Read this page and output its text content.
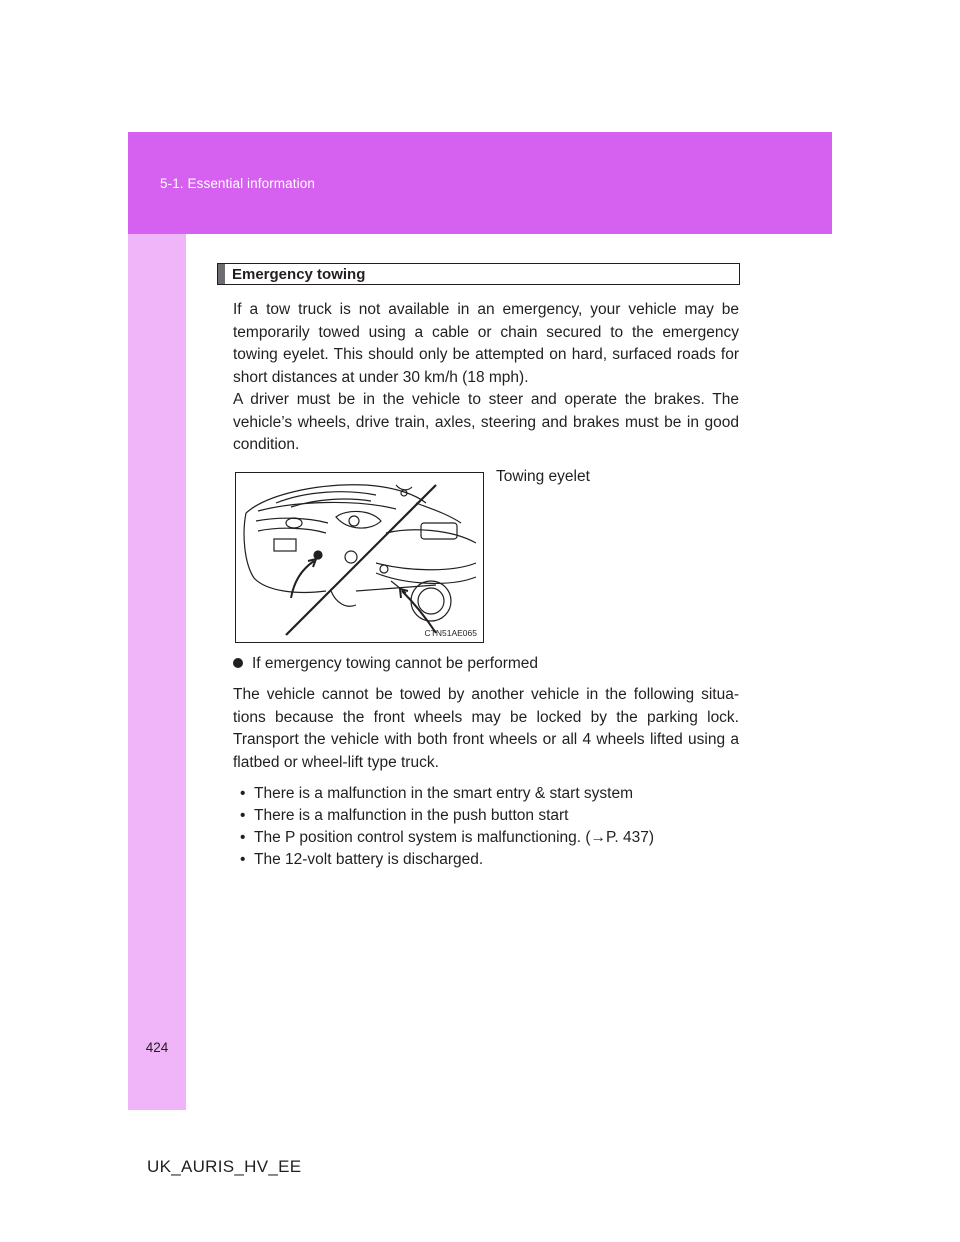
5-1. Essential information
424
Emergency towing
If a tow truck is not available in an emergency, your vehicle may be temporarily towed using a cable or chain secured to the emergency towing eyelet. This should only be attempted on hard, surfaced roads for short distances at under 30 km/h (18 mph).
A driver must be in the vehicle to steer and operate the brakes. The vehicle’s wheels, drive train, axles, steering and brakes must be in good condition.
CTN51AE065
Towing eyelet
If emergency towing cannot be performed
The vehicle cannot be towed by another vehicle in the following situa-tions because the front wheels may be locked by the parking lock. Transport the vehicle with both front wheels or all 4 wheels lifted using a flatbed or wheel-lift type truck.
• There is a malfunction in the smart entry & start system
• There is a malfunction in the push button start
• The P position control system is malfunctioning. (→P. 437)
• The 12-volt battery is discharged.
UK_AURIS_HV_EE
